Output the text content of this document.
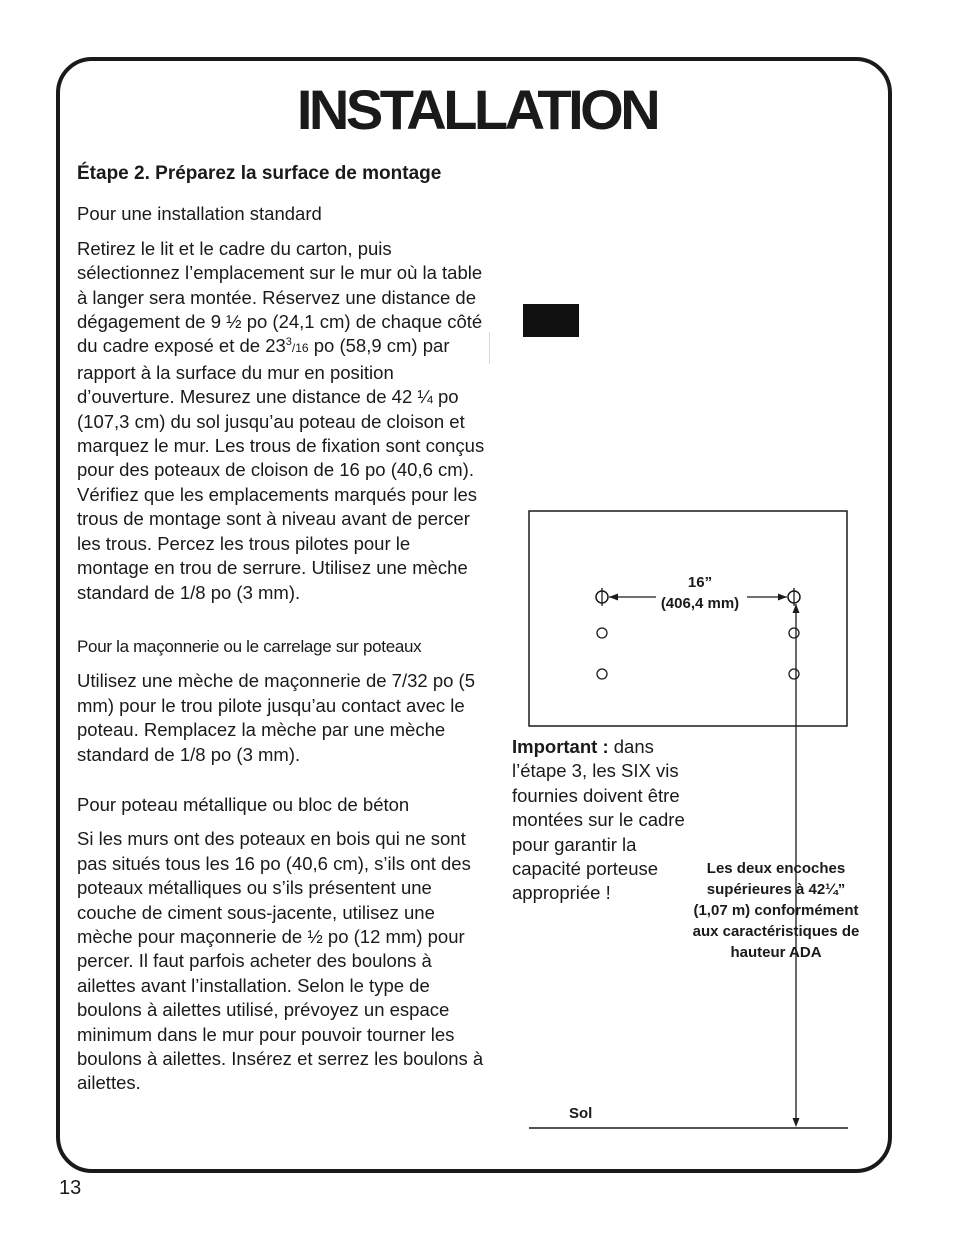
INSTALLATION

Étape 2. Préparez la surface de montage

Pour une installation standard

Retirez le lit et le cadre du carton, puis sélectionnez l’emplacement sur le mur où la table à langer sera montée. Réservez une distance de dégagement de 9 ½ po (24,1 cm) de chaque côté du cadre exposé et de $23^3/16$ po (58,9 cm) par rapport à la surface du mur en position d’ouverture. Mesurez une distance de 42 ¼ po (107,3 cm) du sol jusqu’au poteau de cloison et marquez le mur. Les trous de fixation sont conçus pour des poteaux de cloison de 16 po (40,6 cm). Vérifiez que les emplacements marqués pour les trous de montage sont à niveau avant de percer les trous. Percez les trous pilotes pour le montage en trou de serrure. Utilisez une mèche standard de 1/8 po (3 mm).

Pour la maçonnerie ou le carrelage sur poteaux

Utilisez une mèche de maçonnerie de 7/32 po (5 mm) pour le trou pilote jusqu’au contact avec le poteau. Remplacez la mèche par une mèche standard de 1/8 po (3 mm).

Pour poteau métallique ou bloc de béton

Si les murs ont des poteaux en bois qui ne sont pas situés tous les 16 po (40,6 cm), s’ils ont des poteaux métalliques ou s’ils présentent une couche de ciment sous-jacente, utilisez une mèche pour maçonnerie de ½ po (12 mm) pour percer. Il faut parfois acheter des boulons à ailettes avant l’installation. Selon le type de boulons à ailettes utilisé, prévoyez un espace minimum dans le mur pour pouvoir tourner les boulons à ailettes. Insérez et serrez les boulons à ailettes.

16”
(406,4 mm)
Important : dans l’étape 3, les SIX vis fournies doivent être montées sur le cadre pour garantir la capacité porteuse appropriée !
Les deux encoches supérieures à 42¼” (1,07 m) conformément aux caractéristiques de hauteur ADA
Sol
13
